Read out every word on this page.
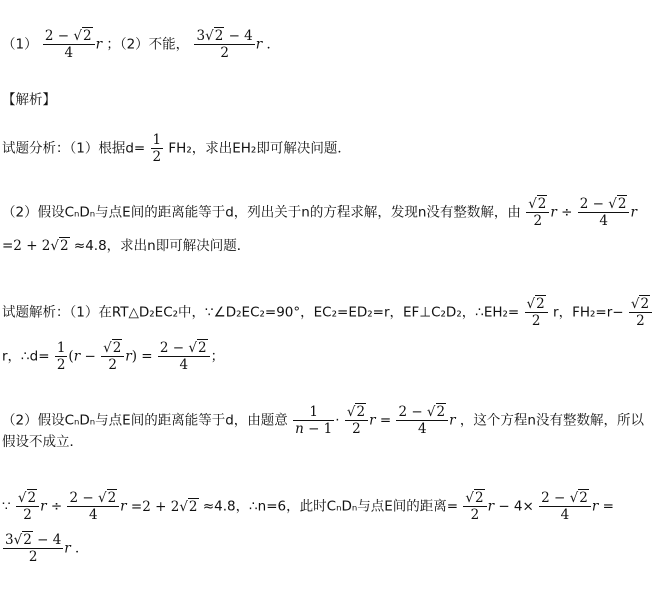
$(1) \frac{2 - √2}{4}$ r ；（2）不能， $\frac{3√2 - 4}{2}$ r ．
【解析】
试题分析：（1）根据$d= \frac{1}{2} FH_2$，求出EH₂即可解决问题．
（2）假设CₙDₙ与点E间的距离能等于d，列出关于n的方程求解，发现n没有整数解，由 $\frac{√2}{2}$ $r \div \frac{2 - √2}{4}$ r
=2 + 2√2 ≈4.8，求出n即可解决问题．
试题解析：（1）在RT△D₂EC₂中，∵∠D₂EC₂=90°，EC₂=ED₂=r，EF⊥C₂D₂，∴EH₂= $\frac{√2}{2}$ r，$FH_2=r- \frac{√2}{2}$
r，∴d= $\frac{1}{2} (r - \frac{√2}{2} r) = \frac{2 - √2}{4}$ ；
（2）假设CₙDₙ与点E间的距离能等于d，由题意 $\frac{1}{n - 1} \cdot \frac{√2}{2}$ $r = \frac{2 - √2}{4}$ r ，这个方程n没有整数解，所以
假设不成立．
∵ $\frac{√2}{2}$ $r \div \frac{2 - √2}{4}$ r =2 + 2√2 ≈4.8，∴n=6，此时CₙDₙ与点E间的距离= $\frac{√2}{2}$ $r - 4\times \frac{2 - √2}{4}$ r =
$\frac{3√2 - 4}{2}$ r ．
